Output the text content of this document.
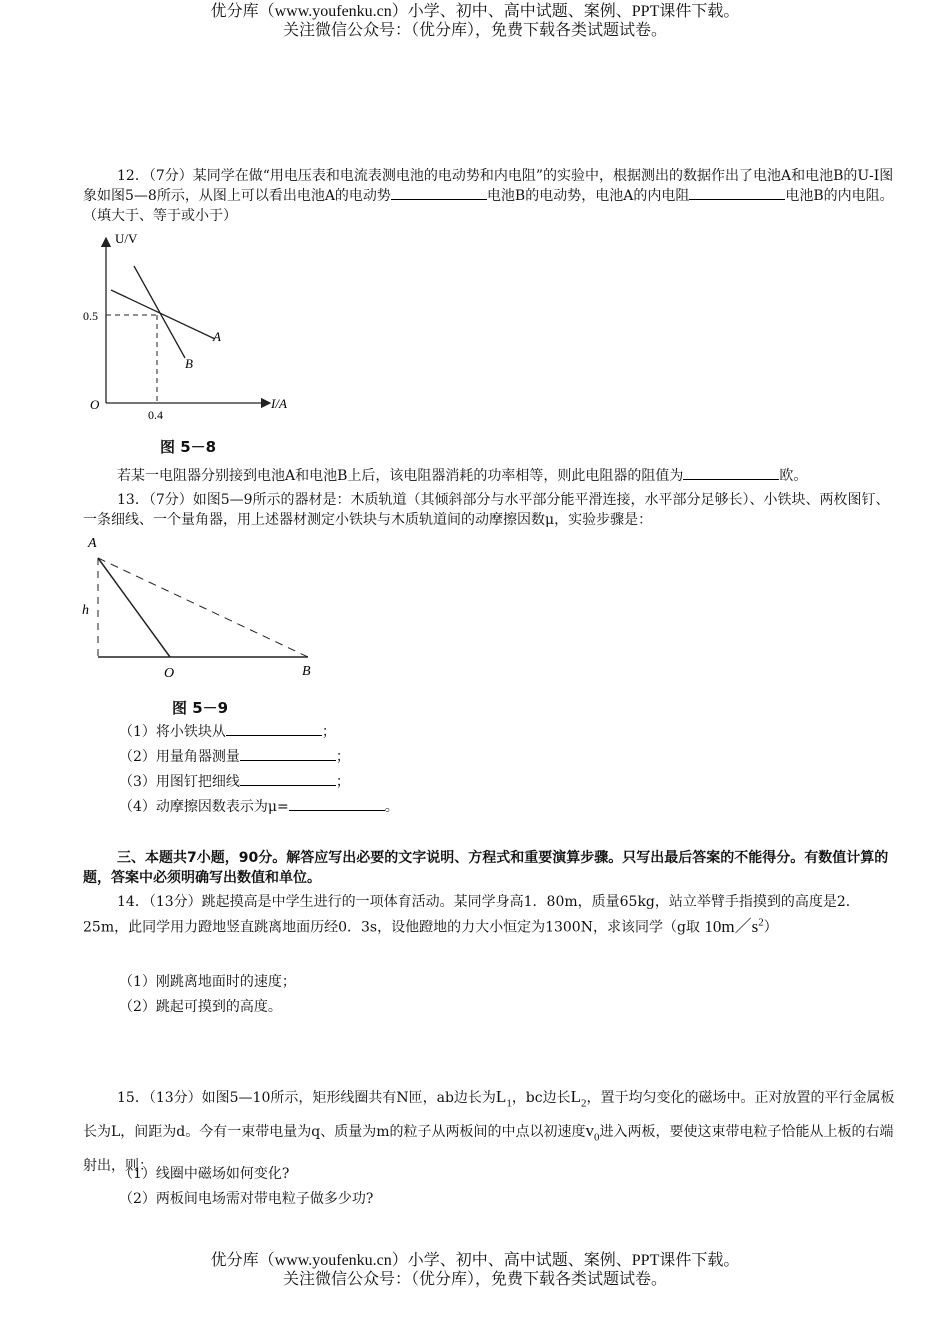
优分库（www.youfenku.cn）小学、初中、高中试题、案例、PPT课件下载。
关注微信公众号：（优分库），免费下载各类试题试卷。
12．（7分）某同学在做“用电压表和电流表测电池的电动势和内电阻”的实验中，根据测出的数据作出了电池A和电池B的U-I图象如图5—8所示，从图上可以看出电池A的电动势	电池B的电动势，电池A的内电阻	电池B的内电阻。（填大于、等于或小于）
U/V
I/A
O
0.5
0.4
A
B
图 5－8
若某一电阻器分别接到电池A和电池B上后，该电阻器消耗的功率相等，则此电阻器的阻值为	欧。
13．（7分）如图5—9所示的器材是：木质轨道（其倾斜部分与水平部分能平滑连接，水平部分足够长）、小铁块、两枚图钉、一条细线、一个量角器，用上述器材测定小铁块与木质轨道间的动摩擦因数μ，实验步骤是：
A
h
O	B
图 5－9
（1）将小铁块从	；
（2）用量角器测量	；
（3）用图钉把细线	；
（4）动摩擦因数表示为μ=	。
三、本题共7小题，90分。解答应写出必要的文字说明、方程式和重要演算步骤。只写出最后答案的不能得分。有数值计算的题，答案中必须明确写出数值和单位。
14．（13分）跳起摸高是中学生进行的一项体育活动。某同学身高1．80m，质量65kg，站立举臂手指摸到的高度是2．25m，此同学用力蹬地竖直跳离地面历经0．3s，设他蹬地的力大小恒定为1300N，求该同学（g取 $10m/s^2$）
（1）刚跳离地面时的速度；
（2）跳起可摸到的高度。
15．（13分）如图5—10所示，矩形线圈共有N匝，ab边长为$L_1$，bc边长$L_2$，置于均匀变化的磁场中。正对放置的平行金属板长为L，间距为d。今有一束带电量为q、质量为m的粒子从两板间的中点以初速度$v_0$进入两板，要使这束带电粒子恰能从上板的右端射出，则：
（1）线圈中磁场如何变化?
（2）两板间电场需对带电粒子做多少功?
优分库（www.youfenku.cn）小学、初中、高中试题、案例、PPT课件下载。
关注微信公众号：（优分库），免费下载各类试题试卷。
